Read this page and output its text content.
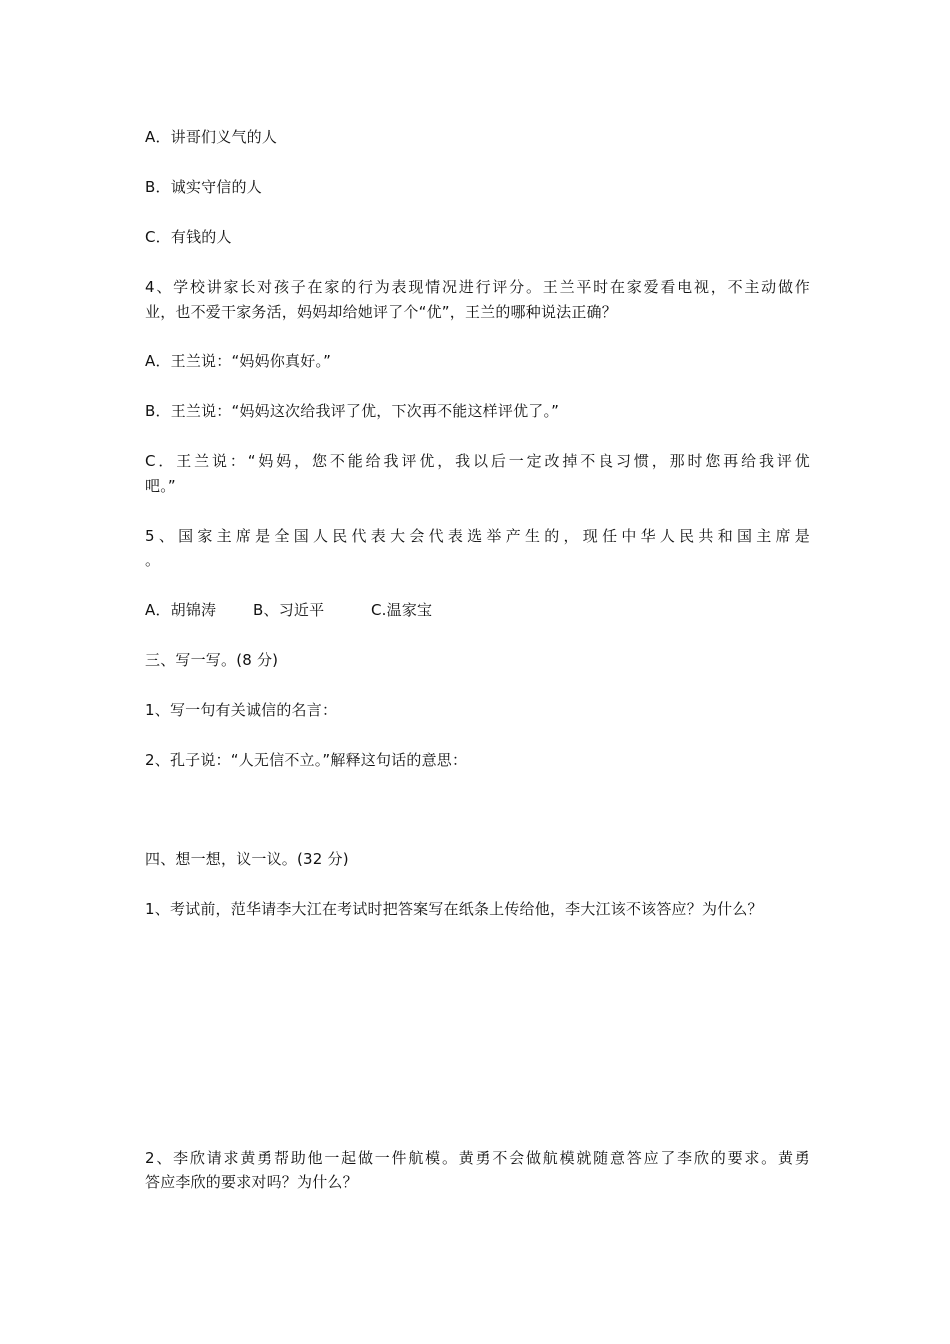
A．讲哥们义气的人
B．诚实守信的人
C．有钱的人
4、学校讲家长对孩子在家的行为表现情况进行评分。王兰平时在家爱看电视，不主动做作
业，也不爱干家务活，妈妈却给她评了个“优”，王兰的哪种说法正确？
A．王兰说：“妈妈你真好。”
B．王兰说：“妈妈这次给我评了优，下次再不能这样评优了。”
C．王兰说：“妈妈，您不能给我评优，我以后一定改掉不良习惯，那时您再给我评优
吧。”
5、国家主席是全国人民代表大会代表选举产生的，现任中华人民共和国主席是
。
A．胡锦涛 B、习近平	C.温家宝
三、写一写。(8 分)
1、写一句有关诚信的名言：
2、孔子说：“人无信不立。”解释这句话的意思：
四、想一想，议一议。(32 分)
1、考试前，范华请李大江在考试时把答案写在纸条上传给他，李大江该不该答应？为什么？
2、李欣请求黄勇帮助他一起做一件航模。黄勇不会做航模就随意答应了李欣的要求。黄勇
答应李欣的要求对吗？为什么？
